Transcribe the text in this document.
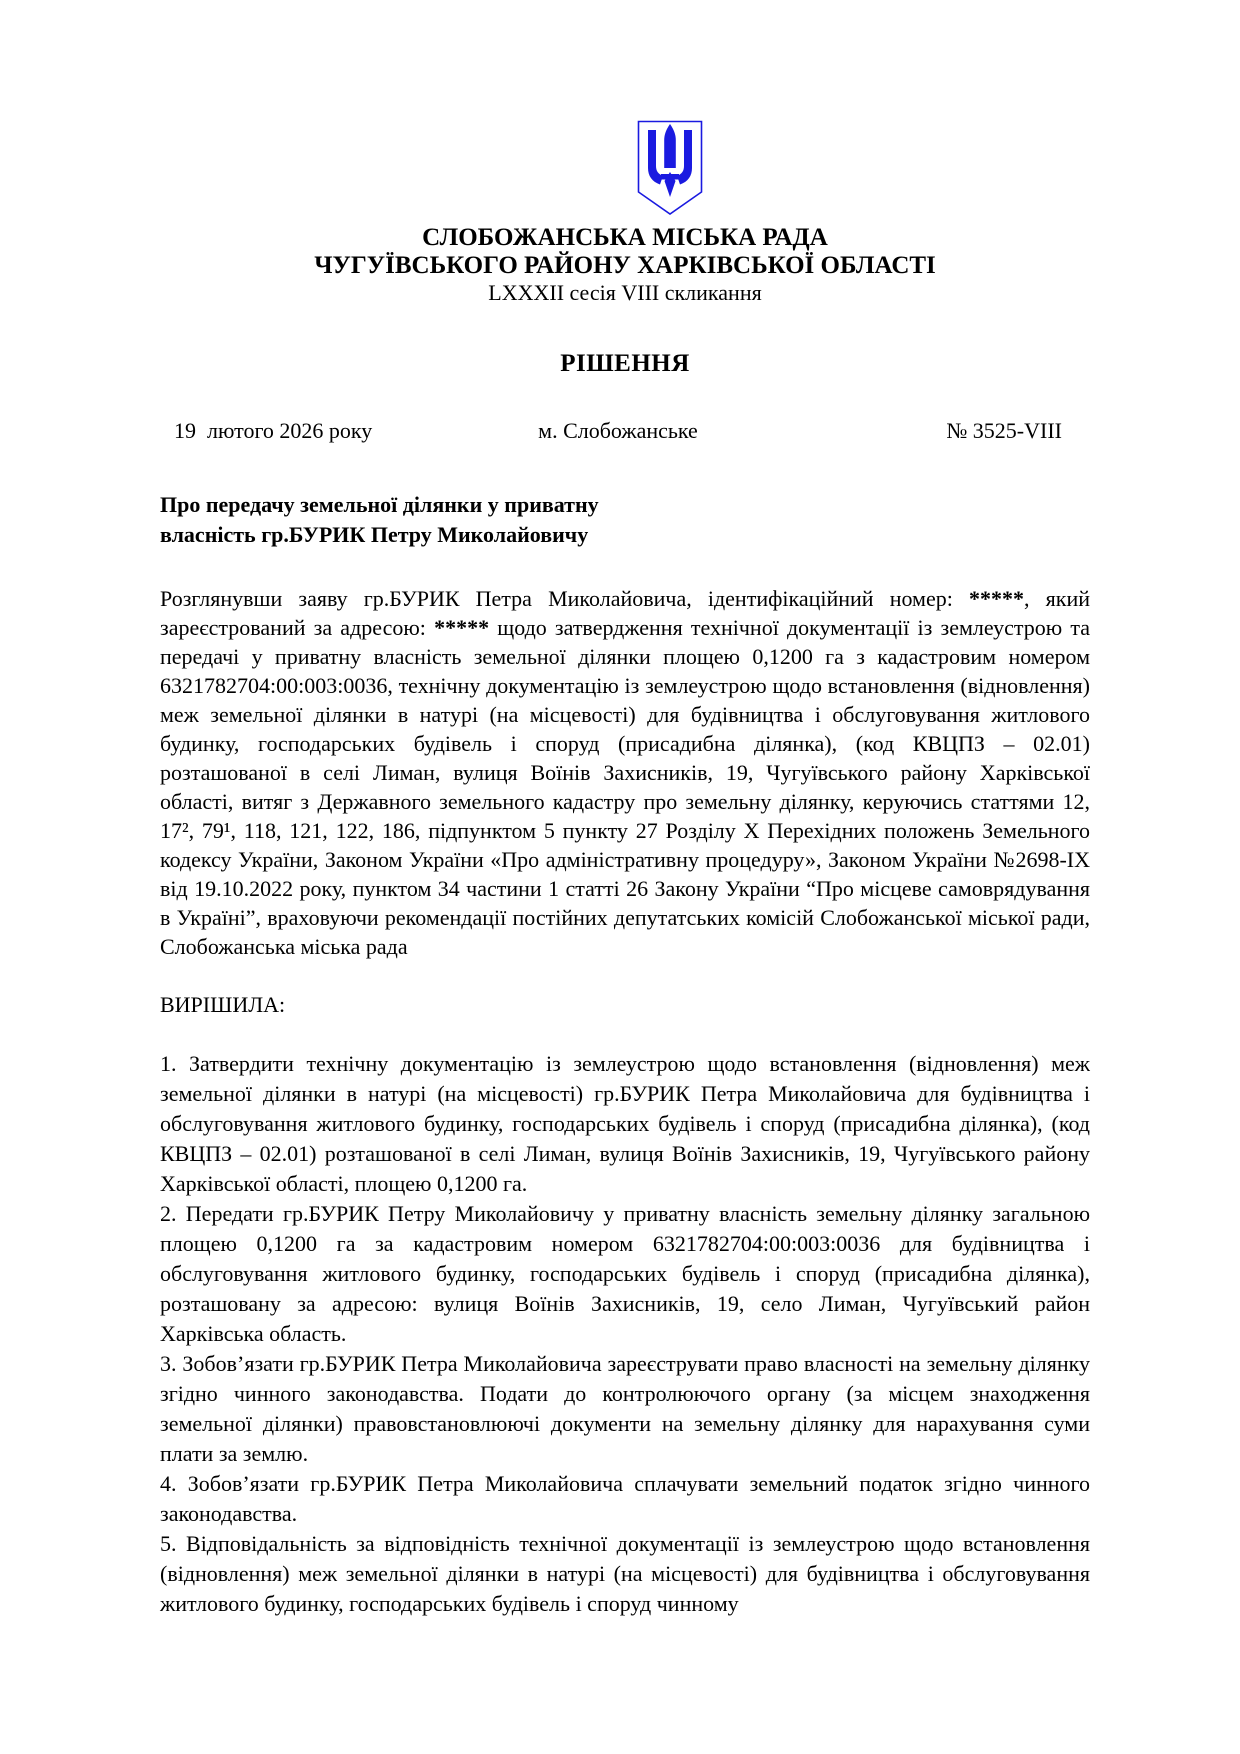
СЛОБОЖАНСЬКА МІСЬКА РАДА
ЧУГУЇВСЬКОГО РАЙОНУ ХАРКІВСЬКОЇ ОБЛАСТІ
LXXXII сесія VIII скликання
РІШЕННЯ
19  лютого 2026 року	м. Слобожанське	№ 3525-VIII
Про передачу земельної ділянки у приватну
власність гр.БУРИК Петру Миколайовичу

Розглянувши заяву гр.БУРИК Петра Миколайовича, ідентифікаційний номер: *****, який зареєстрований за адресою: ***** щодо затвердження технічної документації із землеустрою та передачі у приватну власність земельної ділянки площею 0,1200 га з кадастровим номером 6321782704:00:003:0036, технічну документацію із землеустрою щодо встановлення (відновлення) меж земельної ділянки в натурі (на місцевості) для будівництва і обслуговування житлового будинку, господарських будівель і споруд (присадибна ділянка), (код КВЦПЗ – 02.01) розташованої в селі Лиман, вулиця Воїнів Захисників, 19, Чугуївського району Харківської області, витяг з Державного земельного кадастру про земельну ділянку, керуючись статтями 12, 17², 79¹, 118, 121, 122, 186, підпунктом 5 пункту 27 Розділу X Перехідних положень Земельного кодексу України, Законом України «Про адміністративну процедуру», Законом України №2698-IX від 19.10.2022 року, пунктом 34 частини 1 статті 26 Закону України “Про місцеве самоврядування в Україні”, враховуючи рекомендації постійних депутатських комісій Слобожанської міської ради, Слобожанська міська рада

ВИРІШИЛА:

1. Затвердити технічну документацію із землеустрою щодо встановлення (відновлення) меж земельної ділянки в натурі (на місцевості) гр.БУРИК Петра Миколайовича для будівництва і обслуговування житлового будинку, господарських будівель і споруд (присадибна ділянка), (код КВЦПЗ – 02.01) розташованої в селі Лиман, вулиця Воїнів Захисників, 19, Чугуївського району Харківської області, площею 0,1200 га.

2. Передати гр.БУРИК Петру Миколайовичу у приватну власність земельну ділянку загальною площею 0,1200 га за кадастровим номером 6321782704:00:003:0036 для будівництва і обслуговування житлового будинку, господарських будівель і споруд (присадибна ділянка), розташовану за адресою: вулиця Воїнів Захисників, 19, село Лиман, Чугуївський район Харківська область.

3. Зобов’язати гр.БУРИК Петра Миколайовича зареєструвати право власності на земельну ділянку згідно чинного законодавства. Подати до контролюючого органу (за місцем знаходження земельної ділянки) правовстановлюючі документи на земельну ділянку для нарахування суми плати за землю.

4. Зобов’язати гр.БУРИК Петра Миколайовича сплачувати земельний податок згідно чинного законодавства.

5. Відповідальність за відповідність технічної документації із землеустрою щодо встановлення (відновлення) меж земельної ділянки в натурі (на місцевості) для будівництва і обслуговування житлового будинку, господарських будівель і споруд чинному
